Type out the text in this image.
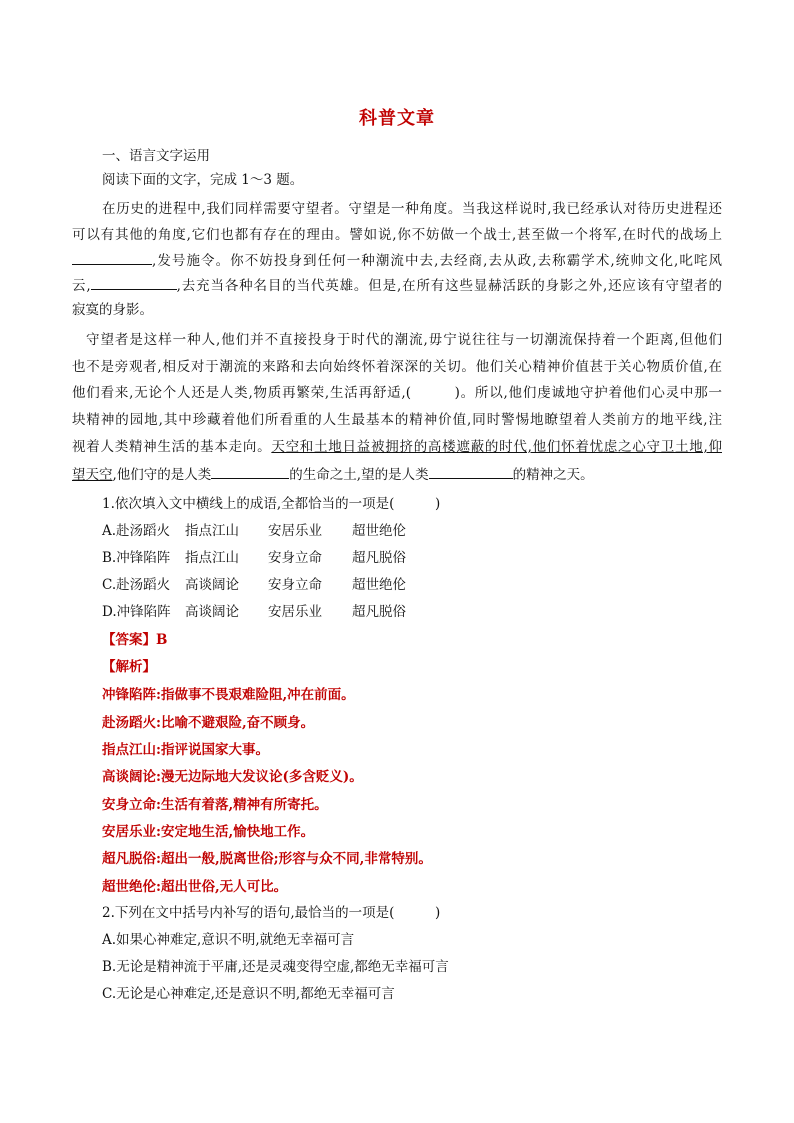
科普文章
一、语言文字运用
阅读下面的文字，完成 1～3 题。
在历史的进程中,我们同样需要守望者。守望是一种角度。当我这样说时,我已经承认对待历史进程还
可以有其他的角度,它们也都有存在的理由。譬如说,你不妨做一个战士,甚至做一个将军,在时代的战场上
,发号施令。你不妨投身到任何一种潮流中去,去经商,去从政,去称霸学术,统帅文化,叱咤风
云,	,去充当各种名目的当代英雄。但是,在所有这些显赫活跃的身影之外,还应该有守望者的
寂寞的身影。
守望者是这样一种人,他们并不直接投身于时代的潮流,毋宁说往往与一切潮流保持着一个距离,但他们
也不是旁观者,相反对于潮流的来路和去向始终怀着深深的关切。他们关心精神价值甚于关心物质价值,在
他们看来,无论个人还是人类,物质再繁荣,生活再舒适,(　　　)。所以,他们虔诚地守护着他们心灵中那一
块精神的园地,其中珍藏着他们所看重的人生最基本的精神价值,同时警惕地瞭望着人类前方的地平线,注
视着人类精神生活的基本走向。天空和土地日益被拥挤的高楼遮蔽的时代,他们怀着忧虑之心守卫土地,仰
望天空,他们守的是人类	的生命之土,望的是人类	的精神之天。
1.依次填入文中横线上的成语,全都恰当的一项是(　　　)
A.赴汤蹈火 指点江山 安居乐业 超世绝伦
B.冲锋陷阵 指点江山 安身立命 超凡脱俗
C.赴汤蹈火 高谈阔论 安身立命 超世绝伦
D.冲锋陷阵 高谈阔论 安居乐业 超凡脱俗
【答案】B
【解析】
冲锋陷阵:指做事不畏艰难险阻,冲在前面。
赴汤蹈火:比喻不避艰险,奋不顾身。
指点江山:指评说国家大事。
高谈阔论:漫无边际地大发议论(多含贬义)。
安身立命:生活有着落,精神有所寄托。
安居乐业:安定地生活,愉快地工作。
超凡脱俗:超出一般,脱离世俗;形容与众不同,非常特别。
超世绝伦:超出世俗,无人可比。
2.下列在文中括号内补写的语句,最恰当的一项是(　　　)
A.如果心神难定,意识不明,就绝无幸福可言
B.无论是精神流于平庸,还是灵魂变得空虚,都绝无幸福可言
C.无论是心神难定,还是意识不明,都绝无幸福可言
